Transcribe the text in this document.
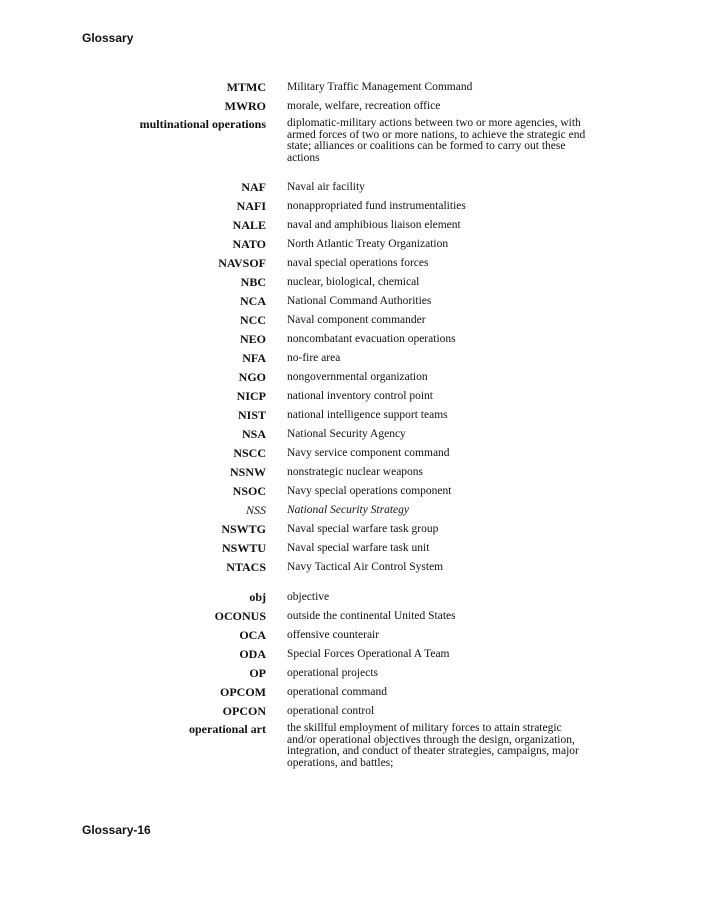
Glossary
MTMC Military Traffic Management Command
MWRO morale, welfare, recreation office
multinational operations diplomatic-military actions between two or more agencies, with armed forces of two or more nations, to achieve the strategic end state; alliances or coalitions can be formed to carry out these actions
NAF Naval air facility
NAFI nonappropriated fund instrumentalities
NALE naval and amphibious liaison element
NATO North Atlantic Treaty Organization
NAVSOF naval special operations forces
NBC nuclear, biological, chemical
NCA National Command Authorities
NCC Naval component commander
NEO noncombatant evacuation operations
NFA no-fire area
NGO nongovernmental organization
NICP national inventory control point
NIST national intelligence support teams
NSA National Security Agency
NSCC Navy service component command
NSNW nonstrategic nuclear weapons
NSOC Navy special operations component
NSS National Security Strategy
NSWTG Naval special warfare task group
NSWTU Naval special warfare task unit
NTACS Navy Tactical Air Control System
obj objective
OCONUS outside the continental United States
OCA offensive counterair
ODA Special Forces Operational A Team
OP operational projects
OPCOM operational command
OPCON operational control
operational art the skillful employment of military forces to attain strategic and/or operational objectives through the design, organization, integration, and conduct of theater strategies, campaigns, major operations, and battles;
Glossary-16
